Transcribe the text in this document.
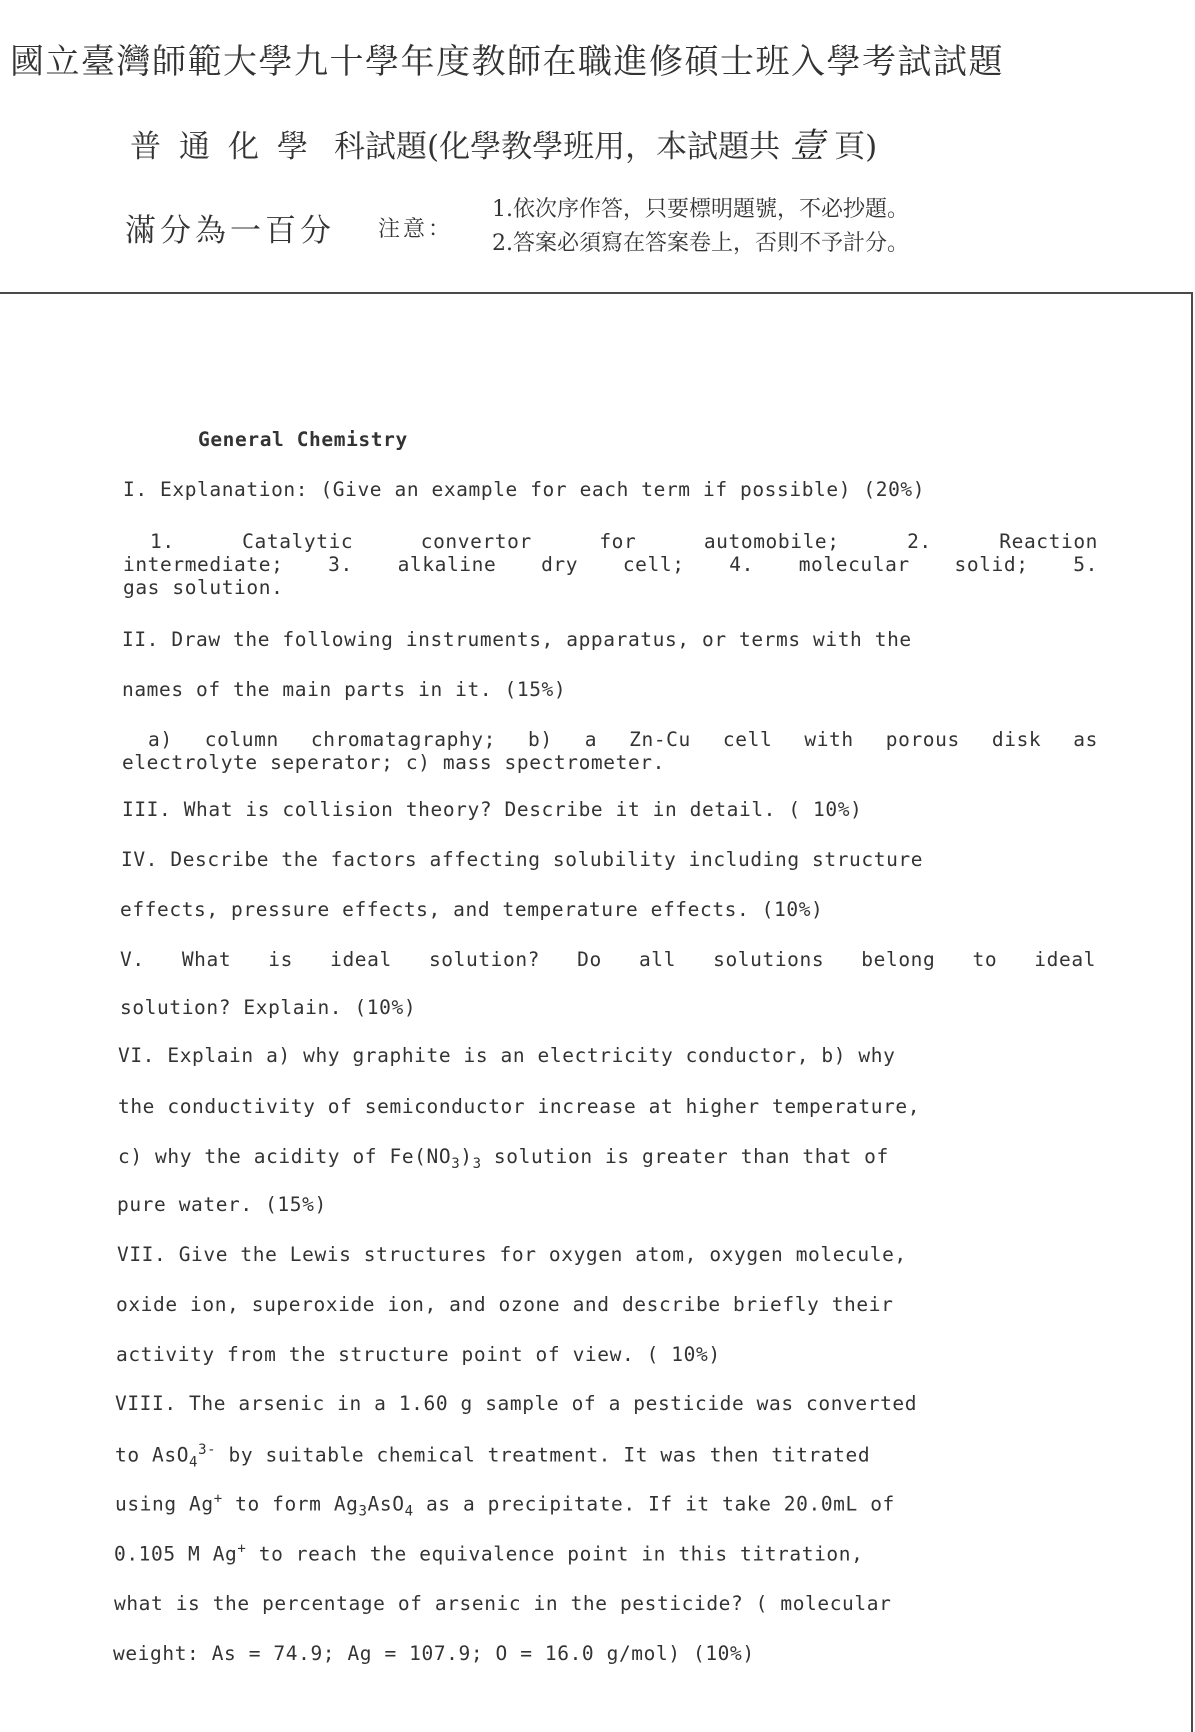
國立臺灣師範大學九十學年度教師在職進修碩士班入學考試試題
普通化學 科試題(化學教學班用，本試題共 壹 頁)
滿分為一百分 注意：
1.依次序作答，只要標明題號，不必抄題。
2.答案必須寫在答案卷上，否則不予計分。
General Chemistry
I. Explanation: (Give an example for each term if possible) (20%)
1. Catalytic convertor for automobile; 2. Reaction
intermediate; 3. alkaline dry cell; 4. molecular solid; 5.
gas solution.
II. Draw the following instruments, apparatus, or terms with the
names of the main parts in it. (15%)
a) column chromatagraphy; b) a Zn-Cu cell with porous disk as
electrolyte seperator; c) mass spectrometer.
III. What is collision theory? Describe it in detail. ( 10%)
IV. Describe the factors affecting solubility including structure
effects, pressure effects, and temperature effects. (10%)
V. What is ideal solution? Do all solutions belong to ideal
solution? Explain. (10%)
VI. Explain a) why graphite is an electricity conductor, b) why
the conductivity of semiconductor increase at higher temperature,
c) why the acidity of $Fe(NO_3)_3$ solution is greater than that of
pure water. (15%)
VII. Give the Lewis structures for oxygen atom, oxygen molecule,
oxide ion, superoxide ion, and ozone and describe briefly their
activity from the structure point of view. ( 10%)
VIII. The arsenic in a 1.60 g sample of a pesticide was converted
to AsO$_4^{3-}$ by suitable chemical treatment. It was then titrated
using Ag+ to form $Ag_3AsO_4$ as a precipitate. If it take 20.0mL of
0.105 M Ag+ to reach the equivalence point in this titration,
what is the percentage of arsenic in the pesticide? ( molecular
weight: As = 74.9; Ag = 107.9; O = 16.0 g/mol) (10%)
